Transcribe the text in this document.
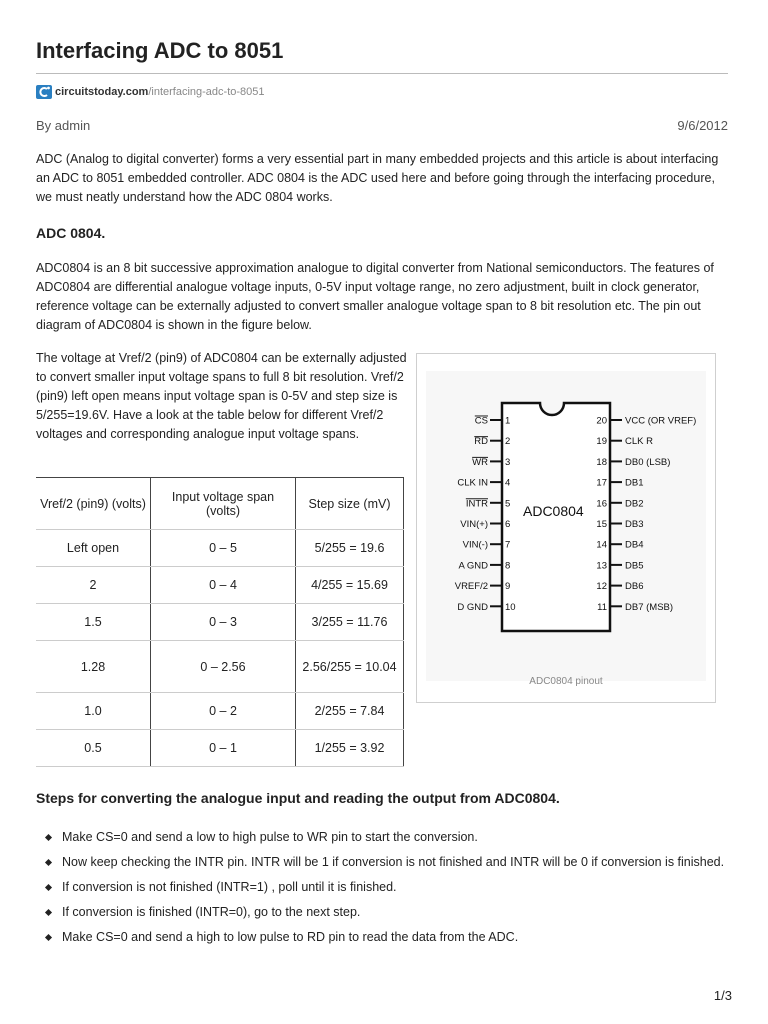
Interfacing ADC to 8051
circuitstoday.com /interfacing-adc-to-8051
By admin	9/6/2012

ADC (Analog to digital converter) forms a very essential part in many embedded projects and this article is about interfacing an ADC to 8051 embedded controller. ADC 0804 is the ADC used here and before going through the interfacing procedure, we must neatly understand how the ADC 0804 works.

ADC 0804.

ADC0804 is an 8 bit successive approximation analogue to digital converter from National semiconductors. The features of ADC0804 are differential analogue voltage inputs, 0-5V input voltage range, no zero adjustment, built in clock generator, reference voltage can be externally adjusted to convert smaller analogue voltage span to 8 bit resolution etc. The pin out diagram of ADC0804 is shown in the figure below.

The voltage at Vref/2 (pin9) of ADC0804 can be externally adjusted to convert smaller input voltage spans to full 8 bit resolution. Vref/2 (pin9) left open means input voltage span is 0-5V and step size is 5/255=19.6V. Have a look at the table below for different Vref/2 voltages and corresponding analogue input voltage spans.

Vref/2 (pin9) (volts)	Input voltage span (volts)	Step size (mV)
Left open	0 – 5	5/255 = 19.6
2	0 – 4	4/255 = 15.69
1.5	0 – 3	3/255 = 11.76
1.28	0 – 2.56	2.56/255 = 10.04
1.0	0 – 2	2/255 = 7.84
0.5	0 – 1	1/255 = 3.92
ADC0804
CS 1
RD 2
WR 3
CLK IN 4
INTR 5
VIN(+) 6
VIN(-) 7
A GND 8
VREF/2 9
D GND 10
20 VCC (OR VREF)
19 CLK R
18 DB0 (LSB)
17 DB1
16 DB2
15 DB3
14 DB4
13 DB5
12 DB6
11 DB7 (MSB)
ADC0804 pinout
Steps for converting the analogue input and reading the output from ADC0804.
Make CS=0 and send a low to high pulse to WR pin to start the conversion.
Now keep checking the INTR pin. INTR will be 1 if conversion is not finished and INTR will be 0 if conversion is finished.
If conversion is not finished (INTR=1) , poll until it is finished.
If conversion is finished (INTR=0), go to the next step.
Make CS=0 and send a high to low pulse to RD pin to read the data from the ADC.
1/3
